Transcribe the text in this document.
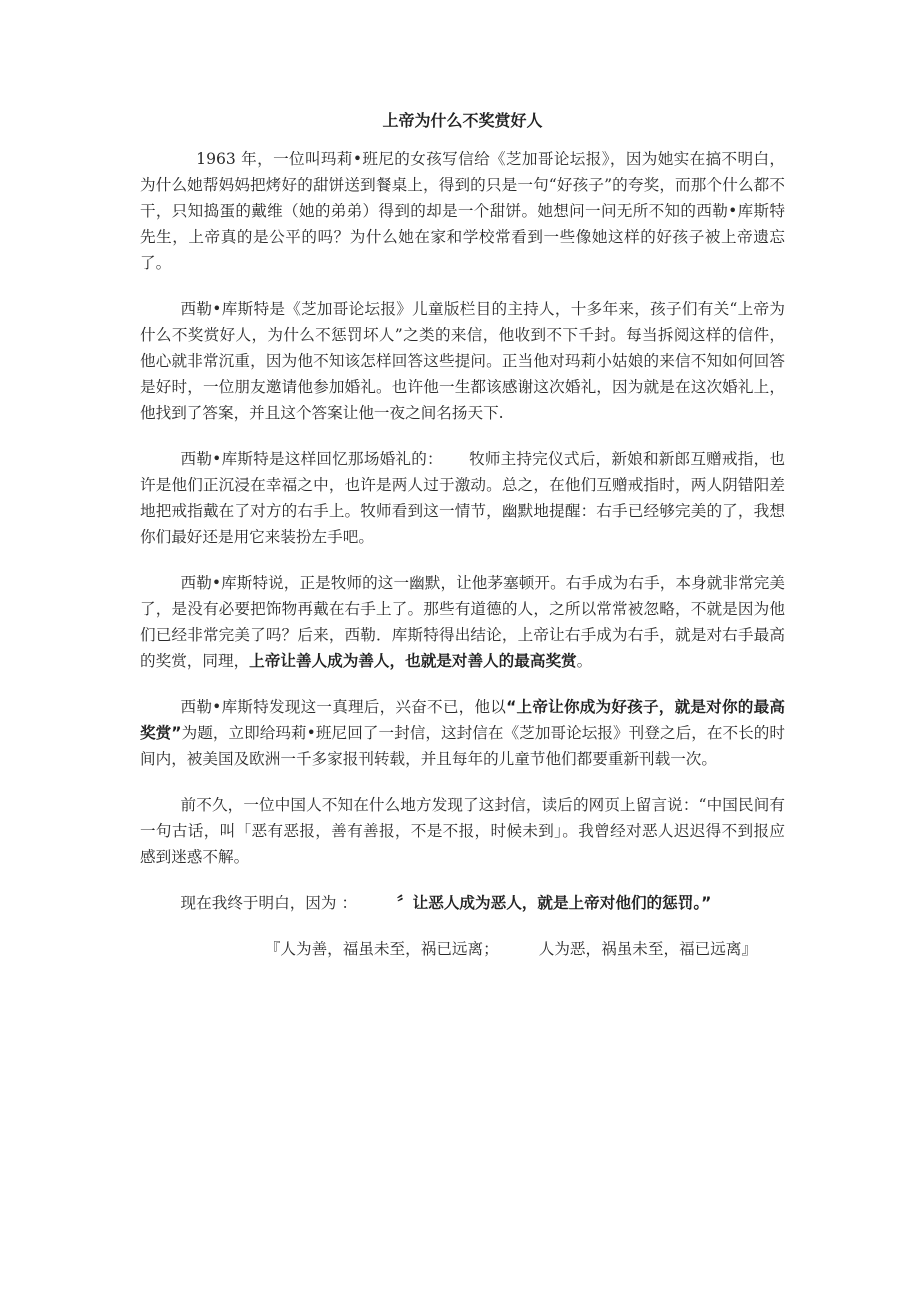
上帝为什么不奖赏好人

1963 年，一位叫玛莉•班尼的女孩写信给《芝加哥论坛报》，因为她实在搞不明白，为什么她帮妈妈把烤好的甜饼送到餐桌上，得到的只是一句“好孩子”的夸奖，而那个什么都不干，只知捣蛋的戴维（她的弟弟）得到的却是一个甜饼。她想问一问无所不知的西勒•库斯特先生，上帝真的是公平的吗？为什么她在家和学校常看到一些像她这样的好孩子被上帝遗忘了。

西勒•库斯特是《芝加哥论坛报》儿童版栏目的主持人，十多年来，孩子们有关“上帝为什么不奖赏好人，为什么不惩罚坏人”之类的来信，他收到不下千封。每当拆阅这样的信件，他心就非常沉重，因为他不知该怎样回答这些提问。正当他对玛莉小姑娘的来信不知如何回答是好时，一位朋友邀请他参加婚礼。也许他一生都该感谢这次婚礼，因为就是在这次婚礼上，他找到了答案，并且这个答案让他一夜之间名扬天下.

西勒•库斯特是这样回忆那场婚礼的： 牧师主持完仪式后，新娘和新郎互赠戒指，也许是他们正沉浸在幸福之中，也许是两人过于激动。总之，在他们互赠戒指时，两人阴错阳差地把戒指戴在了对方的右手上。牧师看到这一情节，幽默地提醒：右手已经够完美的了，我想你们最好还是用它来装扮左手吧。

西勒•库斯特说，正是牧师的这一幽默，让他茅塞顿开。右手成为右手，本身就非常完美了，是没有必要把饰物再戴在右手上了。那些有道德的人，之所以常常被忽略，不就是因为他们已经非常完美了吗？后来，西勒．库斯特得出结论，上帝让右手成为右手，就是对右手最高的奖赏，同理，上帝让善人成为善人，也就是对善人的最高奖赏。

西勒•库斯特发现这一真理后，兴奋不已，他以“上帝让你成为好孩子，就是对你的最高奖赏”为题，立即给玛莉•班尼回了一封信，这封信在《芝加哥论坛报》刊登之后，在不长的时间内，被美国及欧洲一千多家报刊转载，并且每年的儿童节他们都要重新刊载一次。

前不久，一位中国人不知在什么地方发现了这封信，读后的网页上留言说：“中国民间有一句古话，叫「恶有恶报，善有善报，不是不报，时候未到」。我曾经对恶人迟迟得不到报应感到迷惑不解。

现在我终于明白，因为 ：	〞让恶人成为恶人，就是上帝对他们的惩罚。”

『人为善，福虽未至，祸已远离；	人为恶，祸虽未至，福已远离』
